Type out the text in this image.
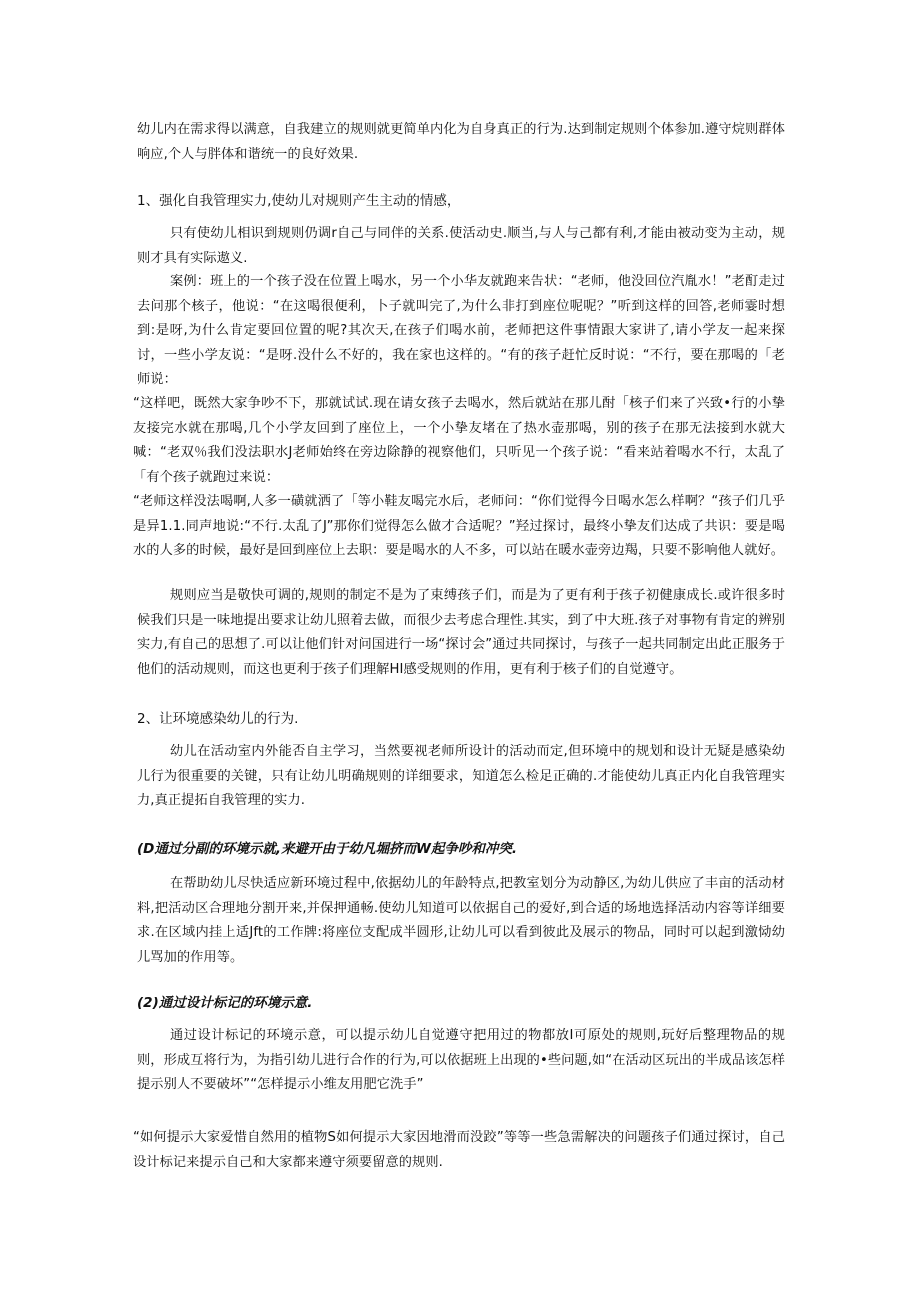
幼儿内在需求得以满意，自我建立的规则就更简单内化为自身真正的行为.达到制定规则个体参加.遵守烷则群体响应,个人与胖体和谐统一的良好效果.

1、强化自我管理实力,使幼儿对规则产生主动的情感，

只有使幼儿相识到规则仍调r自己与同伴的关系.使活动史.顺当,与人与己都有利,才能由被动变为主动，规则才具有实际遨义.

案例：班上的一个孩子没在位置上喝水，另一个小华友就跑来告状：“老师，他没回位汽胤水！”老酊走过去问那个核子，他说：“在这喝很便利，卜子就叫完了,为什么非打到座位呢呢？”听到这样的回答,老师霎时想到:是呀,为什么肯定要回位置的呢?其次天,在孩子们喝水前，老师把这件事情跟大家讲了,请小学友一起来探讨，一些小学友说：“是呀.没什么不好的，我在家也这样的。“有的孩子赶忙反时说：“不行，要在那喝的「老师说：

“这样吧，既然大家争吵不下，那就试试.现在请女孩子去喝水，然后就站在那儿酎「核子们来了兴致•行的小挚友接完水就在那喝,几个小学友回到了座位上，一个小挚友堵在了热水壶那喝，别的孩子在那无法接到水就大喊：“老双％我们没法职水J老师始终在旁边除静的视察他们，只听见一个孩子说：“看来站着喝水不行，太乱了「有个孩子就跑过来说：

“老师这样没法喝啊,人多一磺就洒了「等小鞋友喝完水后，老师问：“你们觉得今日喝水怎么样啊？“孩子们几乎是异1.1.同声地说:“不行.太乱了J”那你们觉得怎么做才合适呢？”羟过探讨，最终小挚友们达成了共识：要是喝水的人多的时候，最好是回到座位上去职：要是喝水的人不多，可以站在暖水壶旁边羯，只要不影响他人就好。

规则应当是敬快可调的,规则的制定不是为了束缚孩子们，而是为了更有利于孩子初健康成长.或许很多时候我们只是一味地提出要求让幼儿照着去做，而很少去考虑合理性.其实，到了中大班.孩子对事物有肯定的辨别实力,有自己的思想了.可以让他们针对问国进行一场“探讨会”通过共同探讨，与孩子一起共同制定出此正服务于他们的活动规则，而这也更利于孩子们理解HI感受规则的作用，更有利于核子们的自觉遵守。

2、让环境感染幼儿的行为.

幼儿在活动室内外能否自主学习，当然要视老师所设计的活动而定,但环境中的规划和设计无疑是感染幼儿行为很重要的关键，只有让幼儿明确规则的详细要求，知道怎么检足正确的.才能使幼儿真正内化自我管理实力,真正提拓自我管理的实力.

(D通过分副的环境示就,来避开由于幼凡堀挤而W起争吵和冲突.

在帮助幼儿尽快适应新环境过程中,依据幼儿的年龄特点,把教室划分为动静区,为幼儿供应了丰亩的活动材料,把活动区合理地分割开来,并保押通畅.使幼儿知道可以依据自己的爱好,到合适的场地选择活动内容等详细要求.在区域内挂上适Jft的工作牌:将座位支配成半圆形,让幼儿可以看到彼此及展示的物品，同时可以起到激恸幼儿骂加的作用等。

(2)通过设计标记的环境示意.

通过设计标记的环境示意，可以提示幼儿自觉遵守把用过的物都放I可原处的规则,玩好后整理物品的规则，形成互将行为，为指引幼儿进行合作的行为,可以依据班上出现的•些问题,如“在活动区玩出的半成品该怎样提示别人不要破坏”“怎样提示小维友用肥它洗手”

“如何提示大家爱惜自然用的植物S如何提示大家因地滑而没跤”等等一些急需解决的问题孩子们通过探讨，自己设计标记来提示自己和大家都来遵守须要留意的规则.
